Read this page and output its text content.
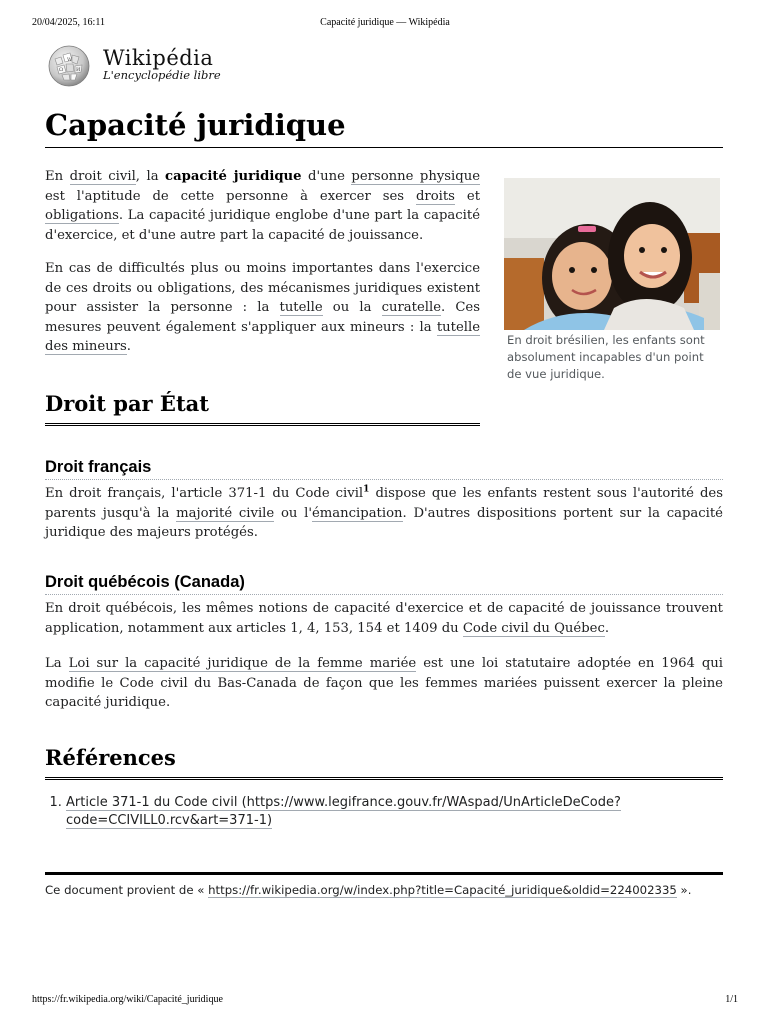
20/04/2025, 16:11	Capacité juridique — Wikipédia
W
Ω	И Wikipédia
L'encyclopédie libre
Capacité juridique

En droit civil, la capacité juridique d'une personne physique est l'aptitude de cette personne à exercer ses droits et obligations. La capacité juridique englobe d'une part la capacité d'exercice, et d'une autre part la capacité de jouissance.

En cas de difficultés plus ou moins importantes dans l'exercice de ces droits ou obligations, des mécanismes juridiques existent pour assister la personne : la tutelle ou la curatelle. Ces mesures peuvent également s'appliquer aux mineurs : la tutelle des mineurs.	En droit brésilien, les enfants sont absolument incapables d'un point de vue juridique.
Droit par État
Droit français

En droit français, l'article 371-1 du Code civil$^1$ dispose que les enfants restent sous l'autorité des parents jusqu'à la majorité civile ou l'émancipation. D'autres dispositions portent sur la capacité juridique des majeurs protégés.

Droit québécois (Canada)

En droit québécois, les mêmes notions de capacité d'exercice et de capacité de jouissance trouvent application, notamment aux articles 1, 4, 153, 154 et 1409 du Code civil du Québec.

La Loi sur la capacité juridique de la femme mariée est une loi statutaire adoptée en 1964 qui modifie le Code civil du Bas-Canada de façon que les femmes mariées puissent exercer la pleine capacité juridique.

Références
1. Article 371-1 du Code civil (https://www.legifrance.gouv.fr/WAspad/UnArticleDeCode?code=CCIVILL0.rcv&art=371-1)
Ce document provient de « https://fr.wikipedia.org/w/index.php?title=Capacité_juridique&oldid=224002335 ».
https://fr.wikipedia.org/wiki/Capacité_juridique	1/1
